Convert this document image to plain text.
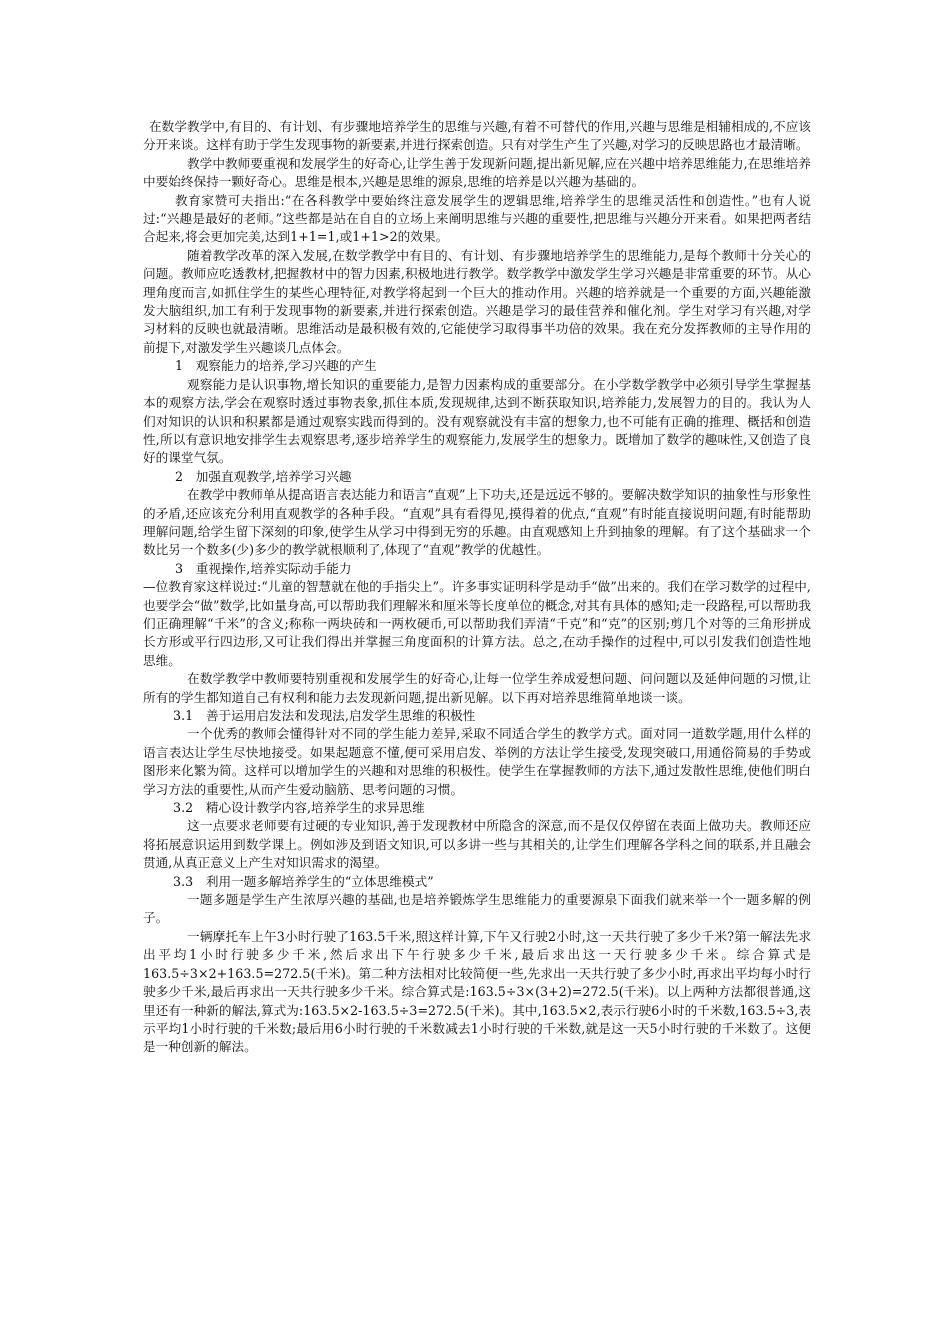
在数学教学中,有目的、有计划、有步骤地培养学生的思维与兴趣,有着不可替代的作用,兴趣与思维是相辅相成的,不应该分开来谈。这样有助于学生发现事物的新要素,并进行探索创造。只有对学生产生了兴趣,对学习的反映思路也才最清晰。

教学中教师要重视和发展学生的好奇心,让学生善于发现新问题,提出新见解,应在兴趣中培养思维能力,在思维培养中要始终保持一颗好奇心。思维是根本,兴趣是思维的源泉,思维的培养是以兴趣为基础的。

教育家赞可夫指出:“在各科教学中要始终注意发展学生的逻辑思维,培养学生的思维灵活性和创造性。”也有人说过:“兴趣是最好的老师。”这些都是站在自自的立场上来阐明思维与兴趣的重要性,把思维与兴趣分开来看。如果把两者结合起来,将会更加完美,达到1+1=1,或1+1>2的效果。

随着教学改革的深入发展,在数学教学中有目的、有计划、有步骤地培养学生的思维能力,是每个教师十分关心的问题。教师应吃透教材,把握教材中的智力因素,积极地进行教学。数学教学中激发学生学习兴趣是非常重要的环节。从心理角度而言,如抓住学生的某些心理特征,对教学将起到一个巨大的推动作用。兴趣的培养就是一个重要的方面,兴趣能激发大脑组织,加工有利于发现事物的新要素,并进行探索创造。兴趣是学习的最佳营养和催化剂。学生对学习有兴趣,对学习材料的反映也就最清晰。思维活动是最积极有效的,它能使学习取得事半功倍的效果。我在充分发挥教师的主导作用的前提下,对激发学生兴趣谈几点体会。

1　观察能力的培养,学习兴趣的产生

观察能力是认识事物,增长知识的重要能力,是智力因素构成的重要部分。在小学数学教学中必须引导学生掌握基本的观察方法,学会在观察时透过事物表象,抓住本质,发现规律,达到不断获取知识,培养能力,发展智力的目的。我认为人们对知识的认识和积累都是通过观察实践而得到的。没有观察就没有丰富的想象力,也不可能有正确的推理、概括和创造性,所以有意识地安排学生去观察思考,逐步培养学生的观察能力,发展学生的想象力。既增加了数学的趣味性,又创造了良好的课堂气氛。

2　加强直观教学,培养学习兴趣

在教学中教师单从提高语言表达能力和语言“直观”上下功夫,还是远远不够的。要解决数学知识的抽象性与形象性的矛盾,还应该充分利用直观教学的各种手段。“直观”具有看得见,摸得着的优点,“直观”有时能直接说明问题,有时能帮助理解问题,给学生留下深刻的印象,使学生从学习中得到无穷的乐趣。由直观感知上升到抽象的理解。有了这个基础求一个数比另一个数多(少)多少的教学就根顺利了,体现了“直观”教学的优越性。

3　重视操作,培养实际动手能力

—位教育家这样说过:“儿童的智慧就在他的手指尖上”。许多事实证明科学是动手“做”出来的。我们在学习数学的过程中,也要学会“做”数学,比如量身高,可以帮助我们理解米和厘米等长度单位的概念,对其有具体的感知;走一段路程,可以帮助我们正确理解“千米”的含义;称称一两块砖和一两枚硬币,可以帮助我们弄清“千克”和“克”的区别;剪几个对等的三角形拼成长方形或平行四边形,又可让我们得出并掌握三角度面积的计算方法。总之,在动手操作的过程中,可以引发我们创造性地思维。

在数学教学中教师要特别重视和发展学生的好奇心,让每一位学生养成爱想问题、问问题以及延伸问题的习惯,让所有的学生都知道自己有权利和能力去发现新问题,提出新见解。以下再对培养思维简单地谈一谈。

3.1　善于运用启发法和发现法,启发学生思维的积极性

一个优秀的教师会懂得针对不同的学生能力差异,采取不同适合学生的教学方式。面对同一道数学题,用什么样的语言表达让学生尽快地接受。如果起题意不懂,便可采用启发、举例的方法让学生接受,发现突破口,用通俗简易的手势或图形来化繁为简。这样可以增加学生的兴趣和对思维的积极性。使学生在掌握教师的方法下,通过发散性思维,使他们明白学习方法的重要性,从而产生爱动脑筋、思考问题的习惯。

3.2　精心设计教学内容,培养学生的求异思维

这一点要求老师要有过硬的专业知识,善于发现教材中所隐含的深意,而不是仅仅停留在表面上做功夫。教师还应将拓展意识运用到数学课上。例如涉及到语文知识,可以多讲一些与其相关的,让学生们理解各学科之间的联系,并且融会贯通,从真正意义上产生对知识需求的渴望。

3.3　利用一题多解培养学生的“立体思维模式”

一题多题是学生产生浓厚兴趣的基础,也是培养锻炼学生思维能力的重要源泉下面我们就来举一个一题多解的例子。

一辆摩托车上午3小时行驶了163.5千米,照这样计算,下午又行驶2小时,这一天共行驶了多少千米?第一解法先求出平均1小时行驶多少千米,然后求出下午行驶多少千米,最后求出这一天行驶多少千米。综合算式是163.5÷3×2+163.5=272.5(千米)。第二种方法相对比较简便一些,先求出一天共行驶了多少小时,再求出平均每小时行驶多少千米,最后再求出一天共行驶多少千米。综合算式是:163.5÷3×(3+2)=272.5(千米)。以上两种方法都很普通,这里还有一种新的解法,算式为:163.5×2-163.5÷3=272.5(千米)。其中,163.5×2,表示行驶6小时的千米数,163.5÷3,表示平均1小时行驶的千米数;最后用6小时行驶的千米数减去1小时行驶的千米数,就是这一天5小时行驶的千米数了。这便是一种创新的解法。
